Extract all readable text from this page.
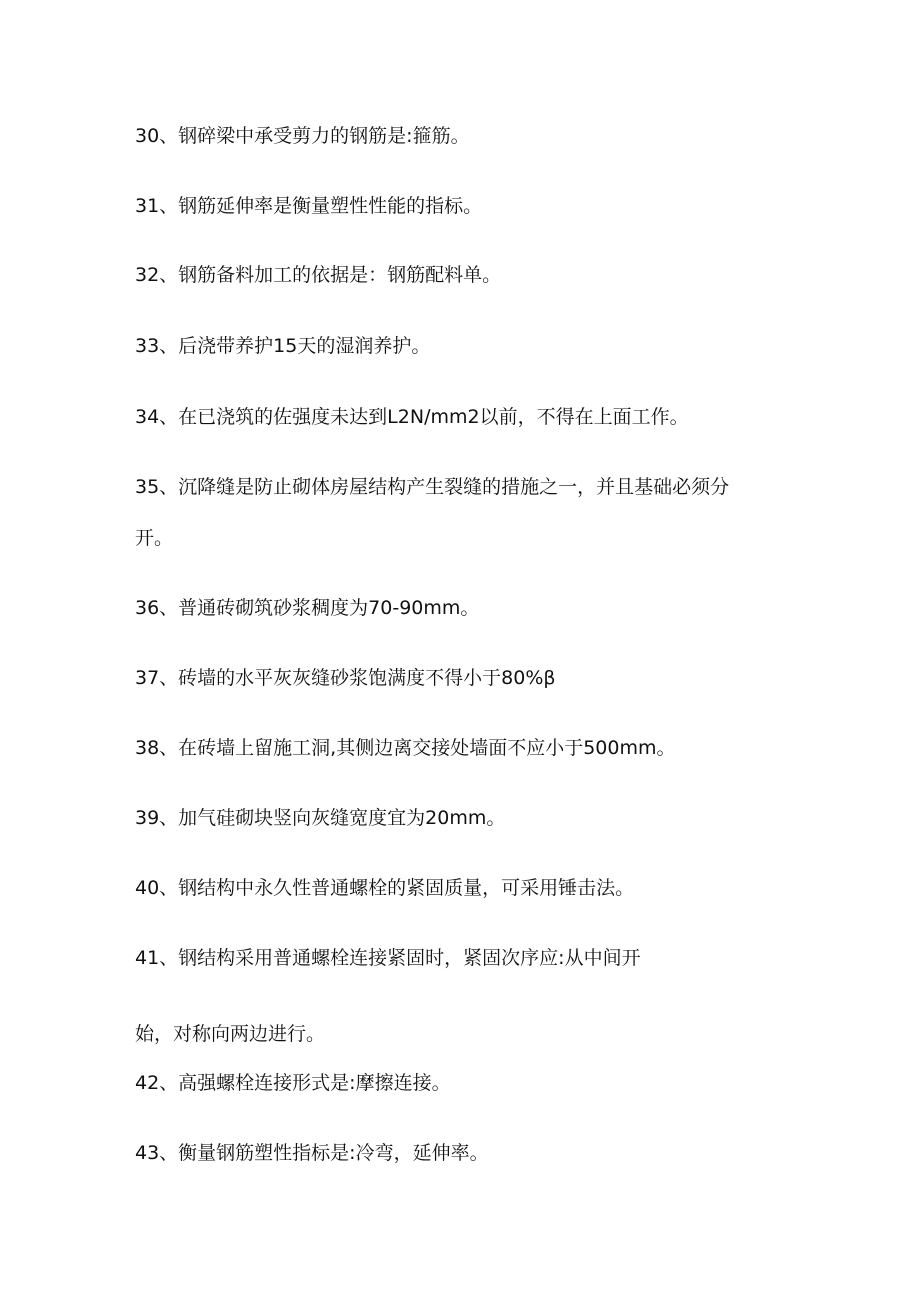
30、钢碎梁中承受剪力的钢筋是:箍筋。

31、钢筋延伸率是衡量塑性性能的指标。

32、钢筋备料加工的依据是：钢筋配料单。

33、后浇带养护15天的湿润养护。

34、在已浇筑的佐强度未达到L2N∕mm2以前，不得在上面工作。

35、沉降缝是防止砌体房屋结构产生裂缝的措施之一，并且基础必须分

开。

36、普通砖砌筑砂浆稠度为70-90mm。

37、砖墙的水平灰灰缝砂浆饱满度不得小于80%β

38、在砖墙上留施工洞,其侧边离交接处墙面不应小于500mm。

39、加气硅砌块竖向灰缝宽度宜为20mm。

40、钢结构中永久性普通螺栓的紧固质量，可采用锤击法。

41、钢结构采用普通螺栓连接紧固时，紧固次序应:从中间开

始，对称向两边进行。

42、高强螺栓连接形式是:摩擦连接。

43、衡量钢筋塑性指标是:冷弯，延伸率。
